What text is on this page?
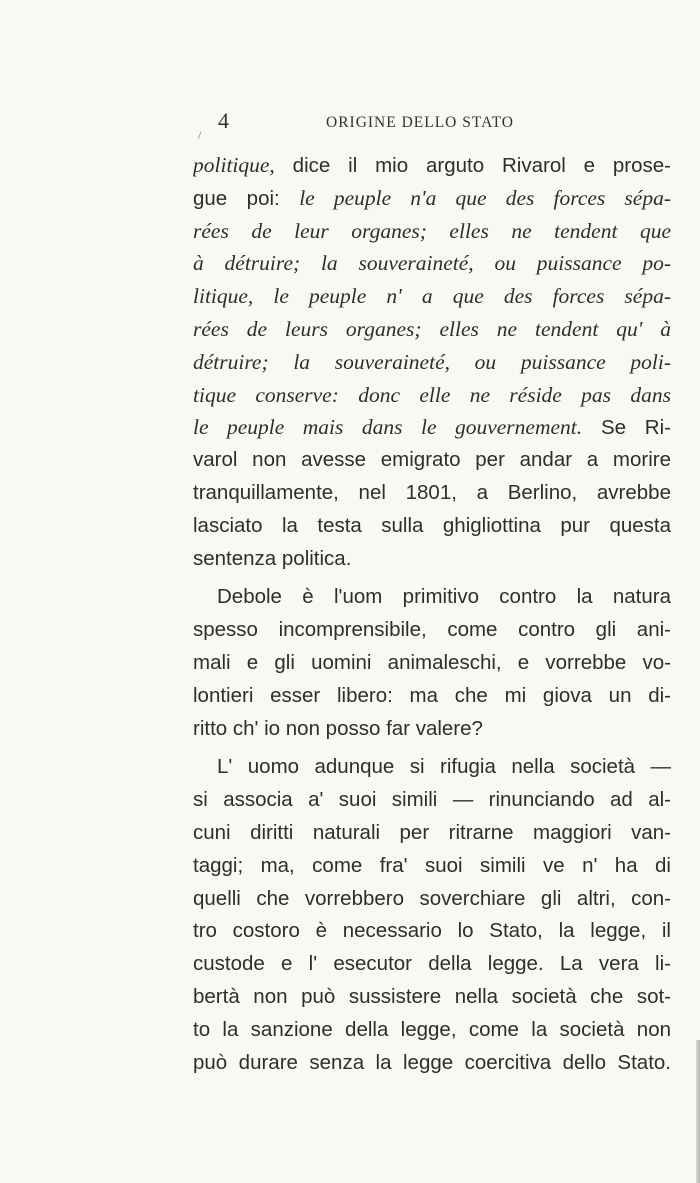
/
4	ORIGINE DELLO STATO
politique, dice il mio arguto Rivarol e prose-
gue poi: le peuple n'a que des forces sépa-
rées de leur organes; elles ne tendent que
à détruire; la souveraineté, ou puissance po-
litique, le peuple n' a que des forces sépa-
rées de leurs organes; elles ne tendent qu' à
détruire; la souveraineté, ou puissance poli-
tique conserve: donc elle ne réside pas dans
le peuple mais dans le gouvernement. Se Ri-
varol non avesse emigrato per andar a morire
tranquillamente, nel 1801, a Berlino, avrebbe
lasciato la testa sulla ghigliottina pur questa
sentenza politica.
Debole è l'uom primitivo contro la natura
spesso incomprensibile, come contro gli ani-
mali e gli uomini animaleschi, e vorrebbe vo-
lontieri esser libero: ma che mi giova un di-
ritto ch' io non posso far valere?
L' uomo adunque si rifugia nella società —
si associa a' suoi simili — rinunciando ad al-
cuni diritti naturali per ritrarne maggiori van-
taggi; ma, come fra' suoi simili ve n' ha di
quelli che vorrebbero soverchiare gli altri, con-
tro costoro è necessario lo Stato, la legge, il
custode e l' esecutor della legge. La vera li-
bertà non può sussistere nella società che sot-
to la sanzione della legge, come la società non
può durare senza la legge coercitiva dello Stato.
